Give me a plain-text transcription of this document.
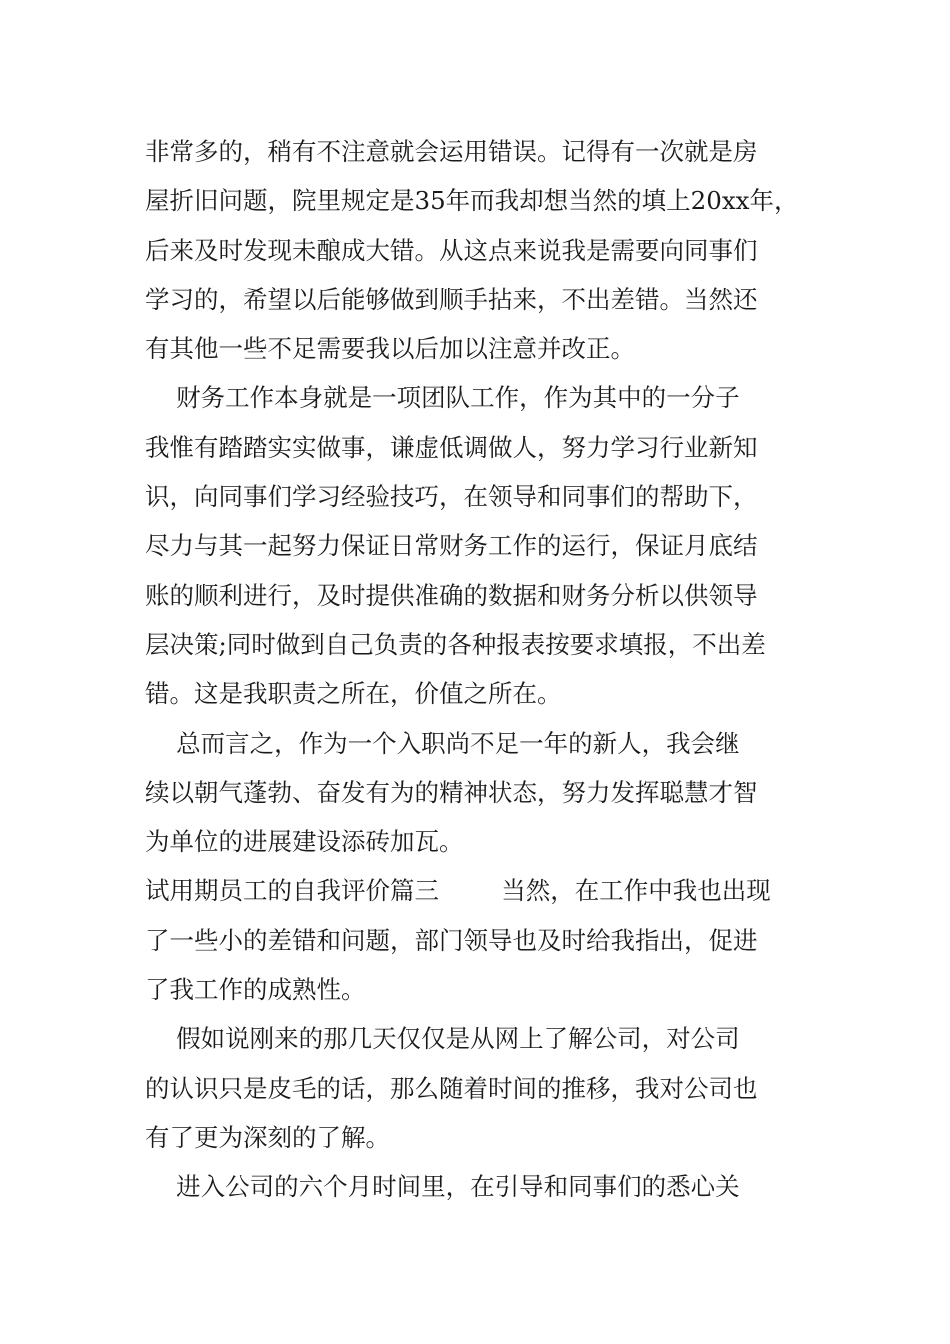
非常多的，稍有不注意就会运用错误。记得有一次就是房
屋折旧问题，院里规定是35年而我却想当然的填上20xx年，
后来及时发现未酿成大错。从这点来说我是需要向同事们
学习的，希望以后能够做到顺手拈来，不出差错。当然还
有其他一些不足需要我以后加以注意并改正。
财务工作本身就是一项团队工作，作为其中的一分子
我惟有踏踏实实做事，谦虚低调做人，努力学习行业新知
识，向同事们学习经验技巧，在领导和同事们的帮助下，
尽力与其一起努力保证日常财务工作的运行，保证月底结
账的顺利进行，及时提供准确的数据和财务分析以供领导
层决策;同时做到自己负责的各种报表按要求填报，不出差
错。这是我职责之所在，价值之所在。
总而言之，作为一个入职尚不足一年的新人，我会继
续以朝气蓬勃、奋发有为的精神状态，努力发挥聪慧才智
为单位的进展建设添砖加瓦。
试用期员工的自我评价篇三        当然，在工作中我也出现
了一些小的差错和问题，部门领导也及时给我指出，促进
了我工作的成熟性。
假如说刚来的那几天仅仅是从网上了解公司，对公司
的认识只是皮毛的话，那么随着时间的推移，我对公司也
有了更为深刻的了解。
进入公司的六个月时间里，在引导和同事们的悉心关
